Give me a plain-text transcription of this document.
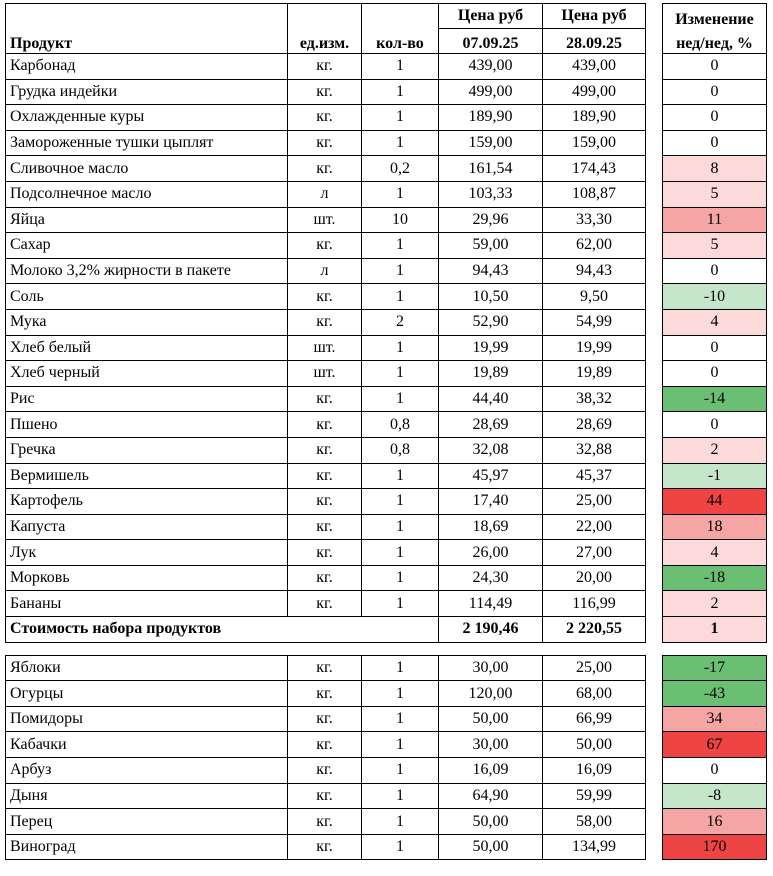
			Цена руб	Цена руб		Изменение
Продукт	ед.изм.	кол-во	07.09.25	28.09.25		нед/нед, %
Карбонад	кг.	1	439,00	439,00		0
Грудка индейки	кг.	1	499,00	499,00		0
Охлажденные куры	кг.	1	189,90	189,90		0
Замороженные тушки цыплят	кг.	1	159,00	159,00		0
Сливочное масло	кг.	0,2	161,54	174,43		8
Подсолнечное масло	л	1	103,33	108,87		5
Яйца	шт.	10	29,96	33,30		11
Сахар	кг.	1	59,00	62,00		5
Молоко 3,2% жирности в пакете	л	1	94,43	94,43		0
Соль	кг.	1	10,50	9,50		-10
Мука	кг.	2	52,90	54,99		4
Хлеб белый	шт.	1	19,99	19,99		0
Хлеб черный	шт.	1	19,89	19,89		0
Рис	кг.	1	44,40	38,32		-14
Пшено	кг.	0,8	28,69	28,69		0
Гречка	кг.	0,8	32,08	32,88		2
Вермишель	кг.	1	45,97	45,37		-1
Картофель	кг.	1	17,40	25,00		44
Капуста	кг.	1	18,69	22,00		18
Лук	кг.	1	26,00	27,00		4
Морковь	кг.	1	24,30	20,00		-18
Бананы	кг.	1	114,49	116,99		2
Стоимость набора продуктов			2 190,46	2 220,55		1

Яблоки	кг.	1	30,00	25,00		-17
Огурцы	кг.	1	120,00	68,00		-43
Помидоры	кг.	1	50,00	66,99		34
Кабачки	кг.	1	30,00	50,00		67
Арбуз	кг.	1	16,09	16,09		0
Дыня	кг.	1	64,90	59,99		-8
Перец	кг.	1	50,00	58,00		16
Виноград	кг.	1	50,00	134,99		170
